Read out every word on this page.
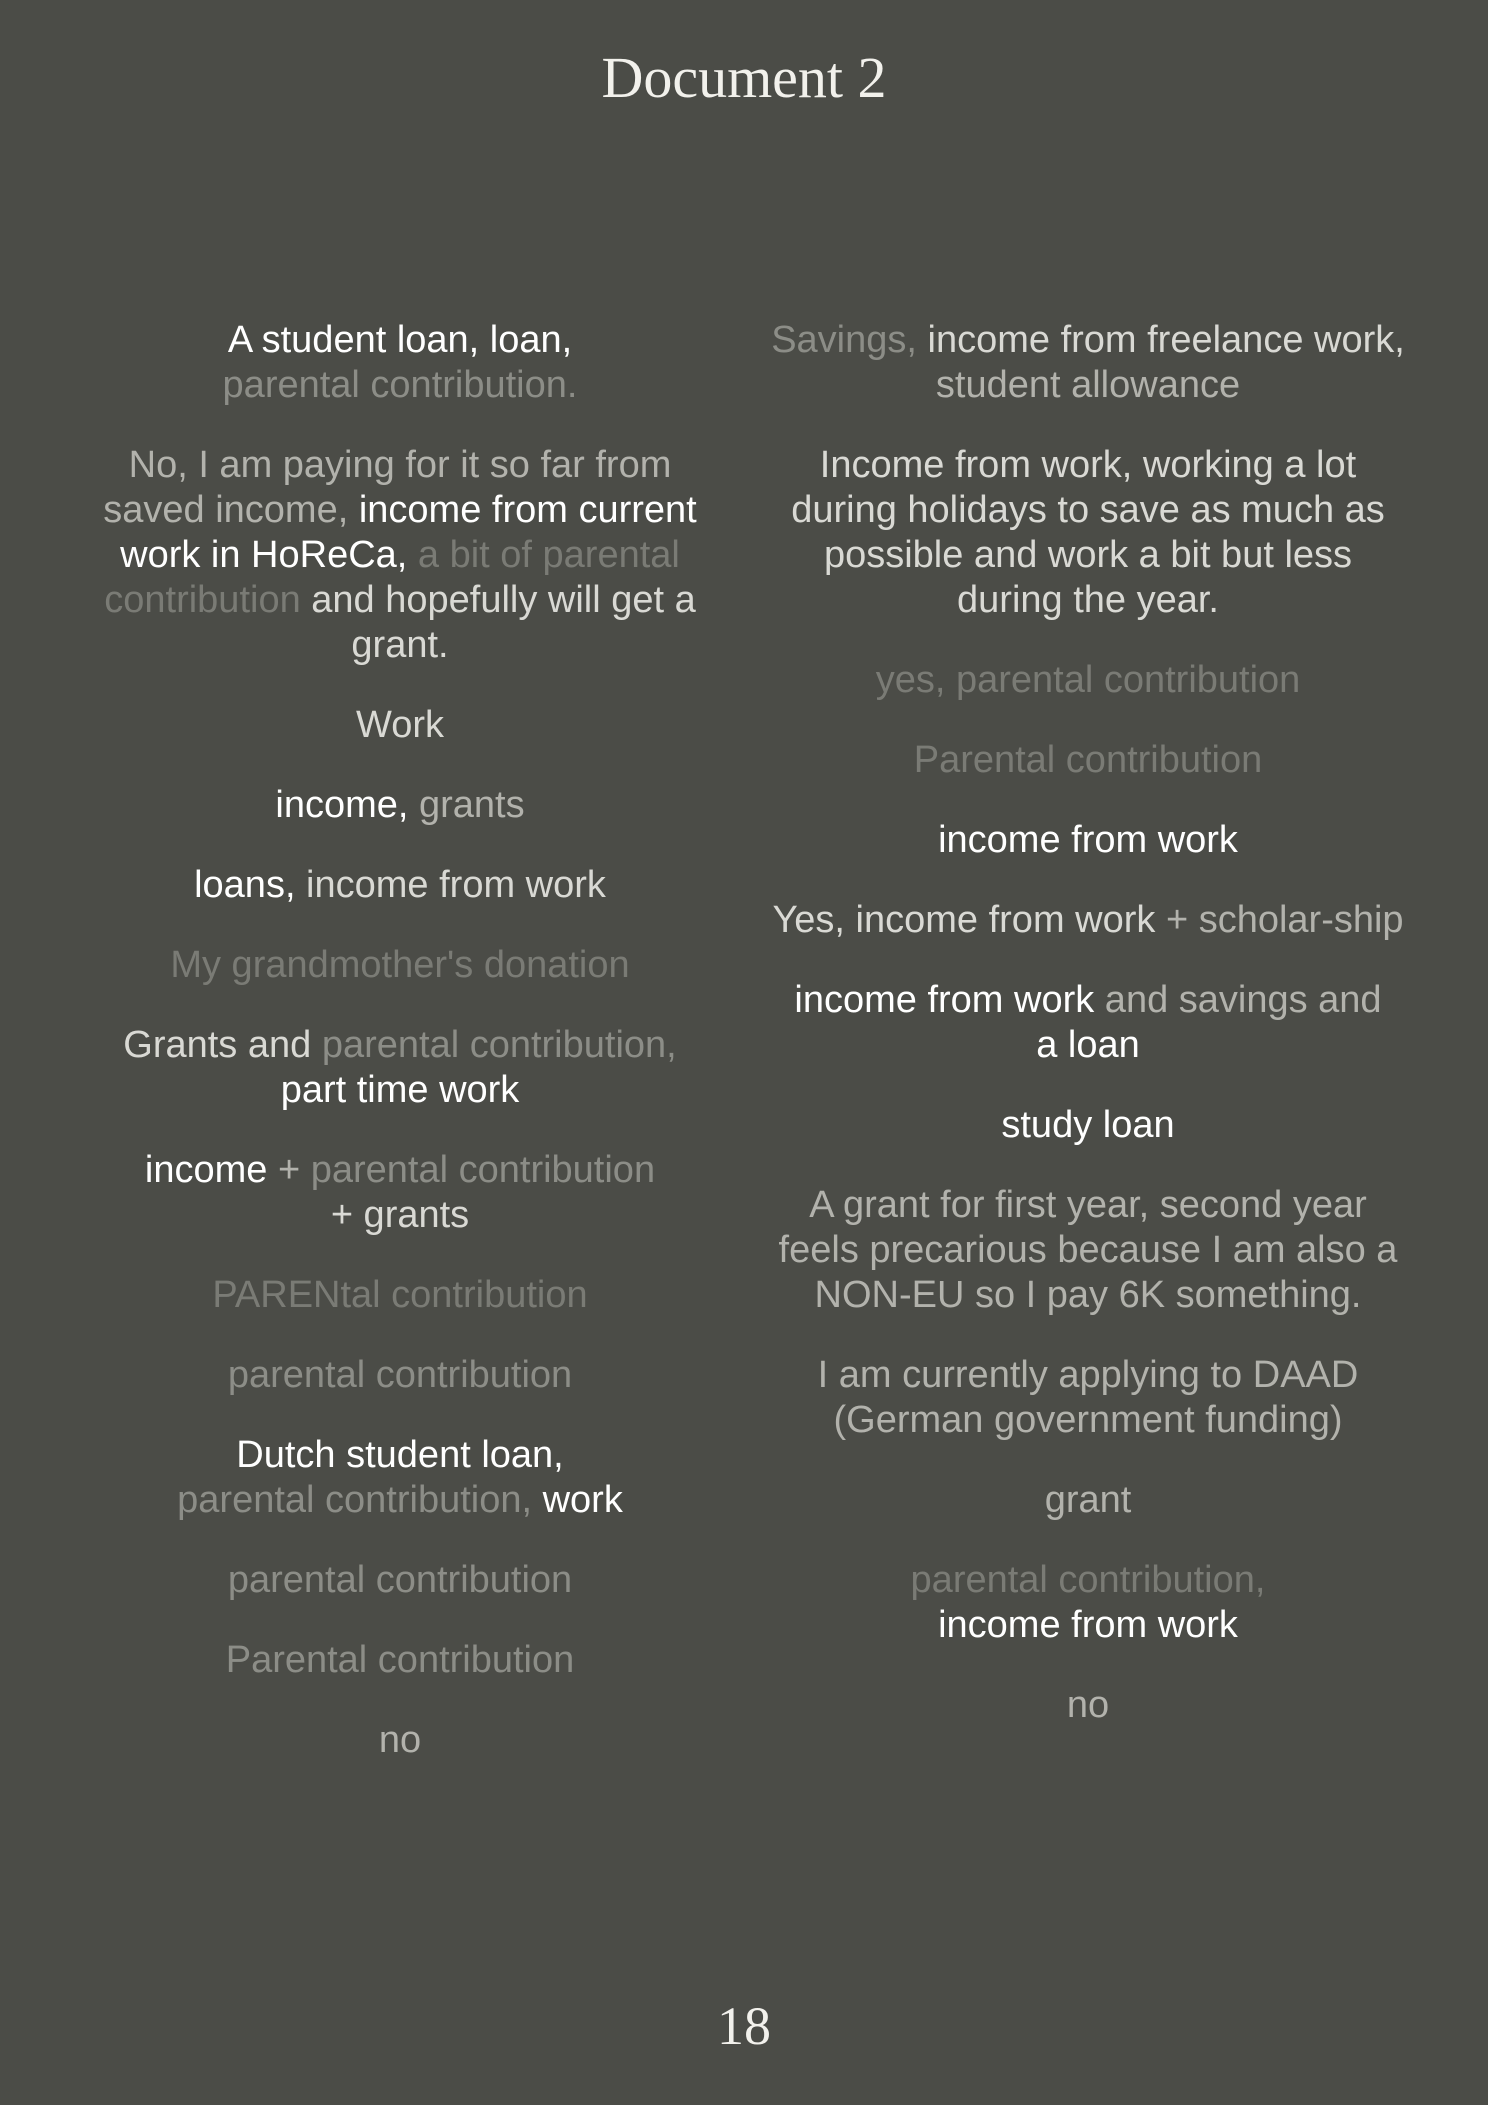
Document 2
A student loan, loan,
parental contribution.
No, I am paying for it so far from saved income, income from current work in HoReCa, a bit of parental contribution and hopefully will get a grant.
Work
income, grants
loans, income from work
My grandmother's donation
Grants and parental contribution,
part time work
income + parental contribution
+ grants
PARENtal contribution
parental contribution
Dutch student loan,
parental contribution, work
parental contribution
Parental contribution
no
Savings, income from freelance work, student allowance
Income from work, working a lot during holidays to save as much as possible and work a bit but less during the year.
yes, parental contribution
Parental contribution
income from work
Yes, income from work + scholar-ship
income from work and savings and
a loan
study loan
A grant for first year, second year feels precarious because I am also a NON-EU so I pay 6K something.
I am currently applying to DAAD (German government funding)
grant
parental contribution,
income from work
no
18
